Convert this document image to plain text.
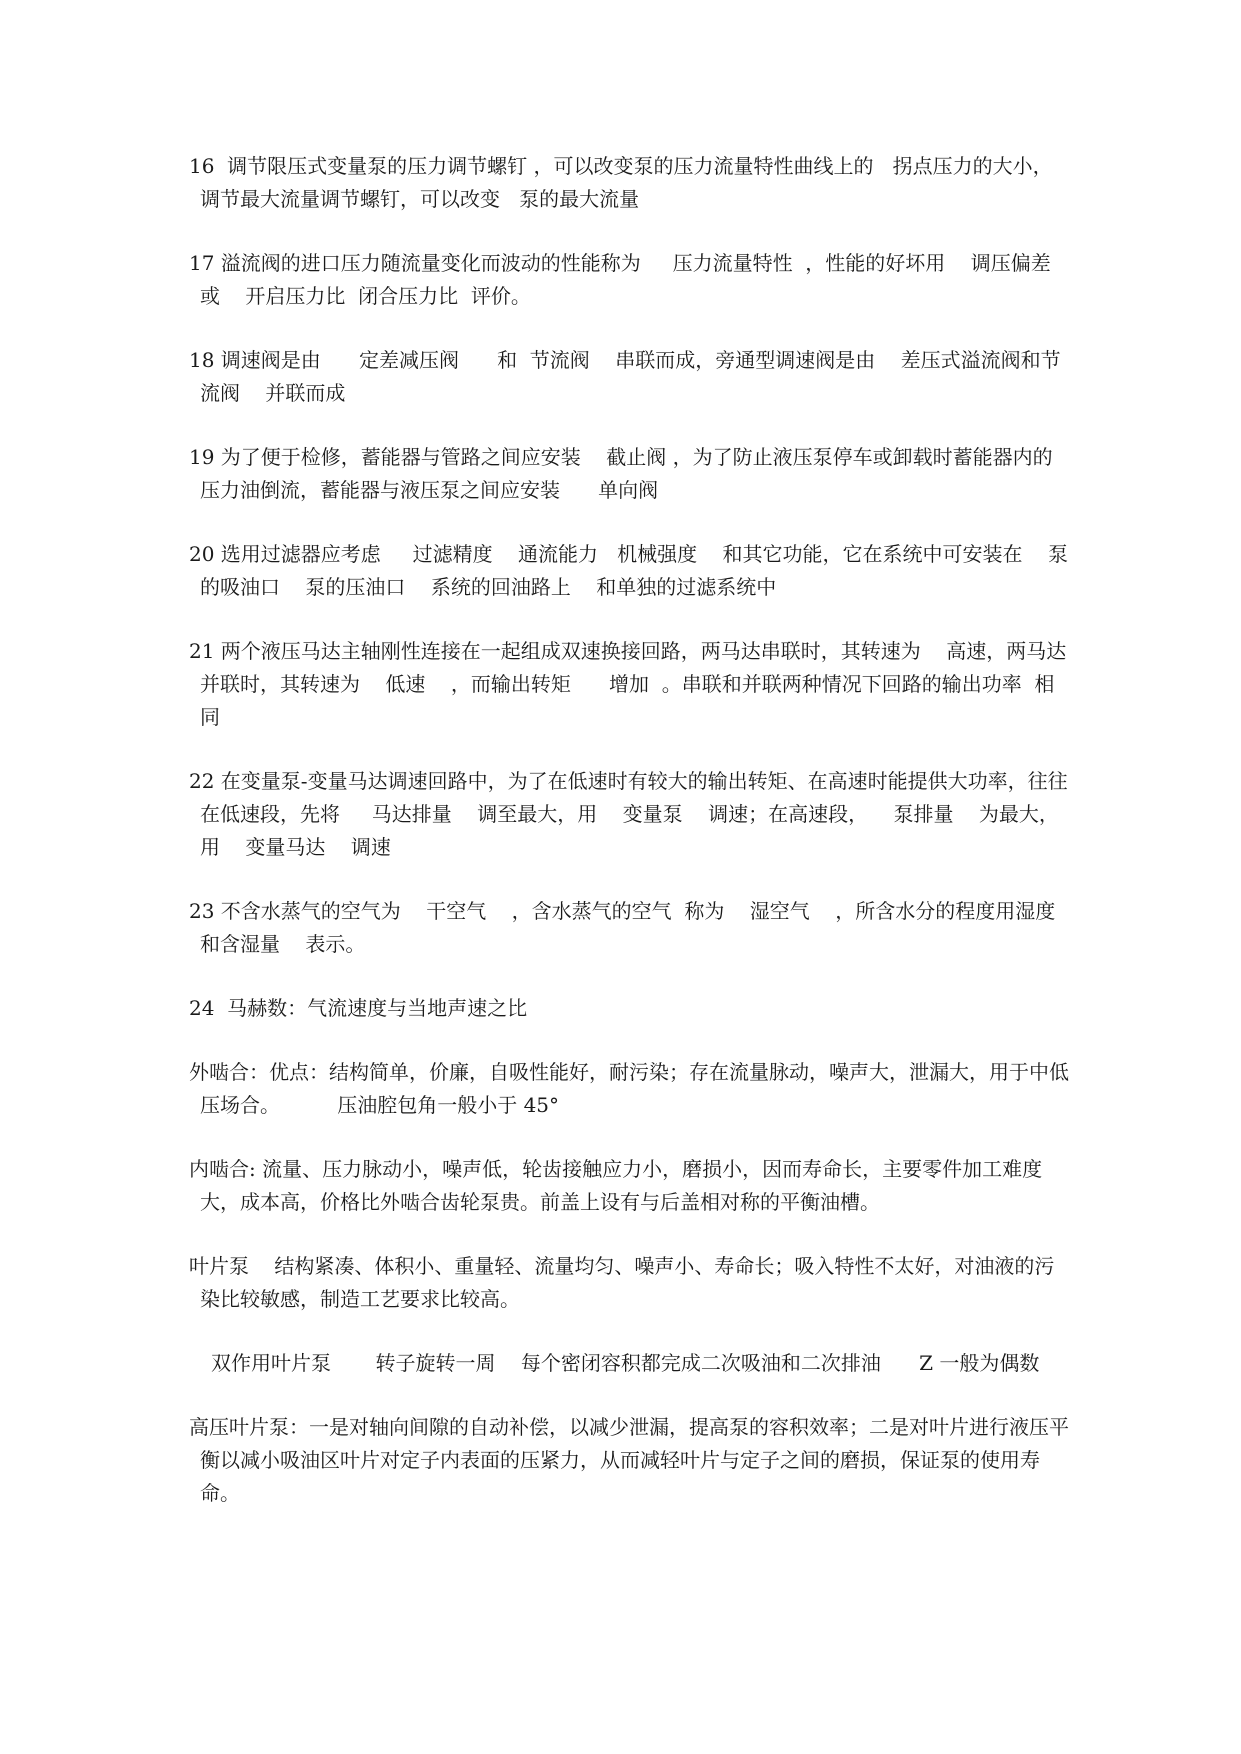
16  调节限压式变量泵的压力调节螺钉 ，可以改变泵的压力流量特性曲线上的   拐点压力的大小，调节最大流量调节螺钉，可以改变   泵的最大流量

17 溢流阀的进口压力随流量变化而波动的性能称为     压力流量特性  ，性能的好坏用    调压偏差或    开启压力比  闭合压力比  评价。

18 调速阀是由      定差减压阀      和  节流阀    串联而成，旁通型调速阀是由    差压式溢流阀和节流阀    并联而成

19 为了便于检修，蓄能器与管路之间应安装    截止阀 ，为了防止液压泵停车或卸载时蓄能器内的压力油倒流，蓄能器与液压泵之间应安装      单向阀

20 选用过滤器应考虑     过滤精度    通流能力   机械强度    和其它功能，它在系统中可安装在    泵的吸油口    泵的压油口    系统的回油路上    和单独的过滤系统中

21 两个液压马达主轴刚性连接在一起组成双速换接回路，两马达串联时，其转速为    高速，两马达并联时，其转速为    低速    ，而输出转矩      增加  。串联和并联两种情况下回路的输出功率  相同

22 在变量泵-变量马达调速回路中，为了在低速时有较大的输出转矩、在高速时能提供大功率，往往在低速段，先将     马达排量    调至最大，用    变量泵    调速；在高速段，    泵排量    为最大，用    变量马达    调速

23 不含水蒸气的空气为    干空气    ，含水蒸气的空气  称为    湿空气    ，所含水分的程度用湿度  和含湿量    表示。

24  马赫数：气流速度与当地声速之比

外啮合：优点：结构简单，价廉，自吸性能好，耐污染；存在流量脉动，噪声大，泄漏大，用于中低压场合。         压油腔包角一般小于 45°

内啮合: 流量、压力脉动小，噪声低，轮齿接触应力小，磨损小，因而寿命长，主要零件加工难度大，成本高，价格比外啮合齿轮泵贵。前盖上设有与后盖相对称的平衡油槽。

叶片泵    结构紧凑、体积小、重量轻、流量均匀、噪声小、寿命长；吸入特性不太好，对油液的污染比较敏感，制造工艺要求比较高。

双作用叶片泵       转子旋转一周    每个密闭容积都完成二次吸油和二次排油      Z 一般为偶数

高压叶片泵：一是对轴向间隙的自动补偿，以减少泄漏，提高泵的容积效率；二是对叶片进行液压平衡以减小吸油区叶片对定子内表面的压紧力，从而减轻叶片与定子之间的磨损，保证泵的使用寿命。
